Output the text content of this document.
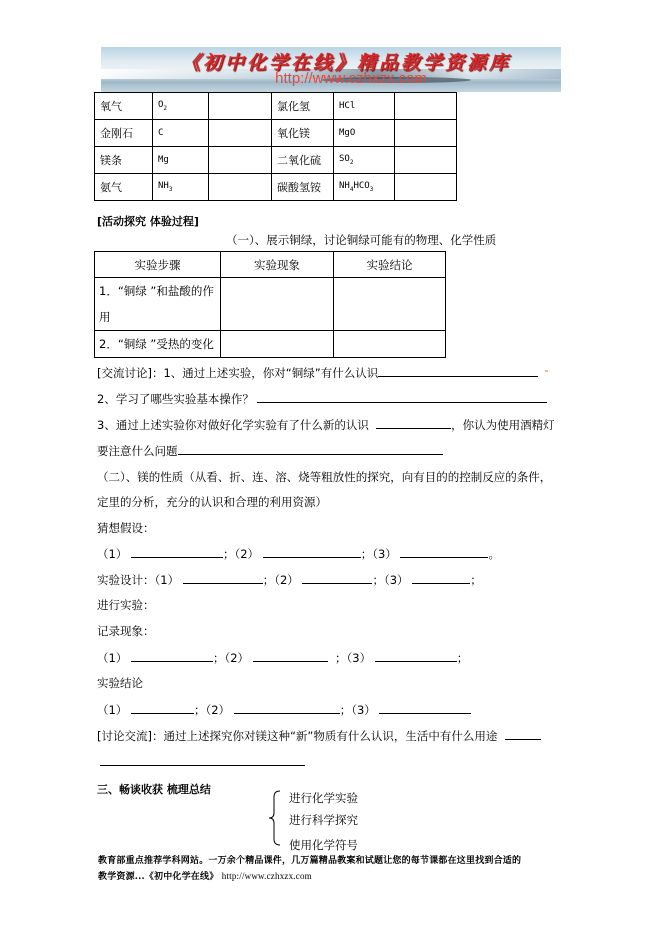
《初中化学在线》精品教学资源库
http://www.czhxzx.com
氧气	$O_2$		氯化氢	HCl	
金刚石	C		氧化镁	MgO	
镁条	Mg		二氧化硫	$SO_2$	
氨气	$NH_3$		碳酸氢铵	$NH_4HCO_3$	
[活动探究 体验过程]
（一）、展示铜绿，讨论铜绿可能有的物理、化学性质
实验步骤	实验现象	实验结论

1．“铜绿 ”和盐酸的作
用		

2．“铜绿 ”受热的变化		
[交流讨论]：1、通过上述实验，你对“铜绿”有什么认识
2、学习了哪些实验基本操作？
3、通过上述实验你对做好化学实验有了什么新的认识	，你认为使用酒精灯
要注意什么问题
（二）、镁的性质（从看、折、连、溶、烧等粗放性的探究，向有目的的控制反应的条件，
定里的分析，充分的认识和合理的利用资源）
猜想假设：
（1）	；（2）	；（3）	。
实验设计：（1）	；（2）	；（3）	；
进行实验：
记录现象：
（1）	；（2）	；（3）	；
实验结论
（1）	；（2）	；（3）
[讨论交流]：通过上述探究你对镁这种“新”物质有什么认识，生活中有什么用途
三、畅谈收获 梳理总结
进行化学实验
进行科学探究
使用化学符号
教育部重点推荐学科网站。一万余个精品课件，几万篇精品教案和试题让您的每节课都在这里找到合适的
教学资源...《初中化学在线》 http://www.czhxzx.com
